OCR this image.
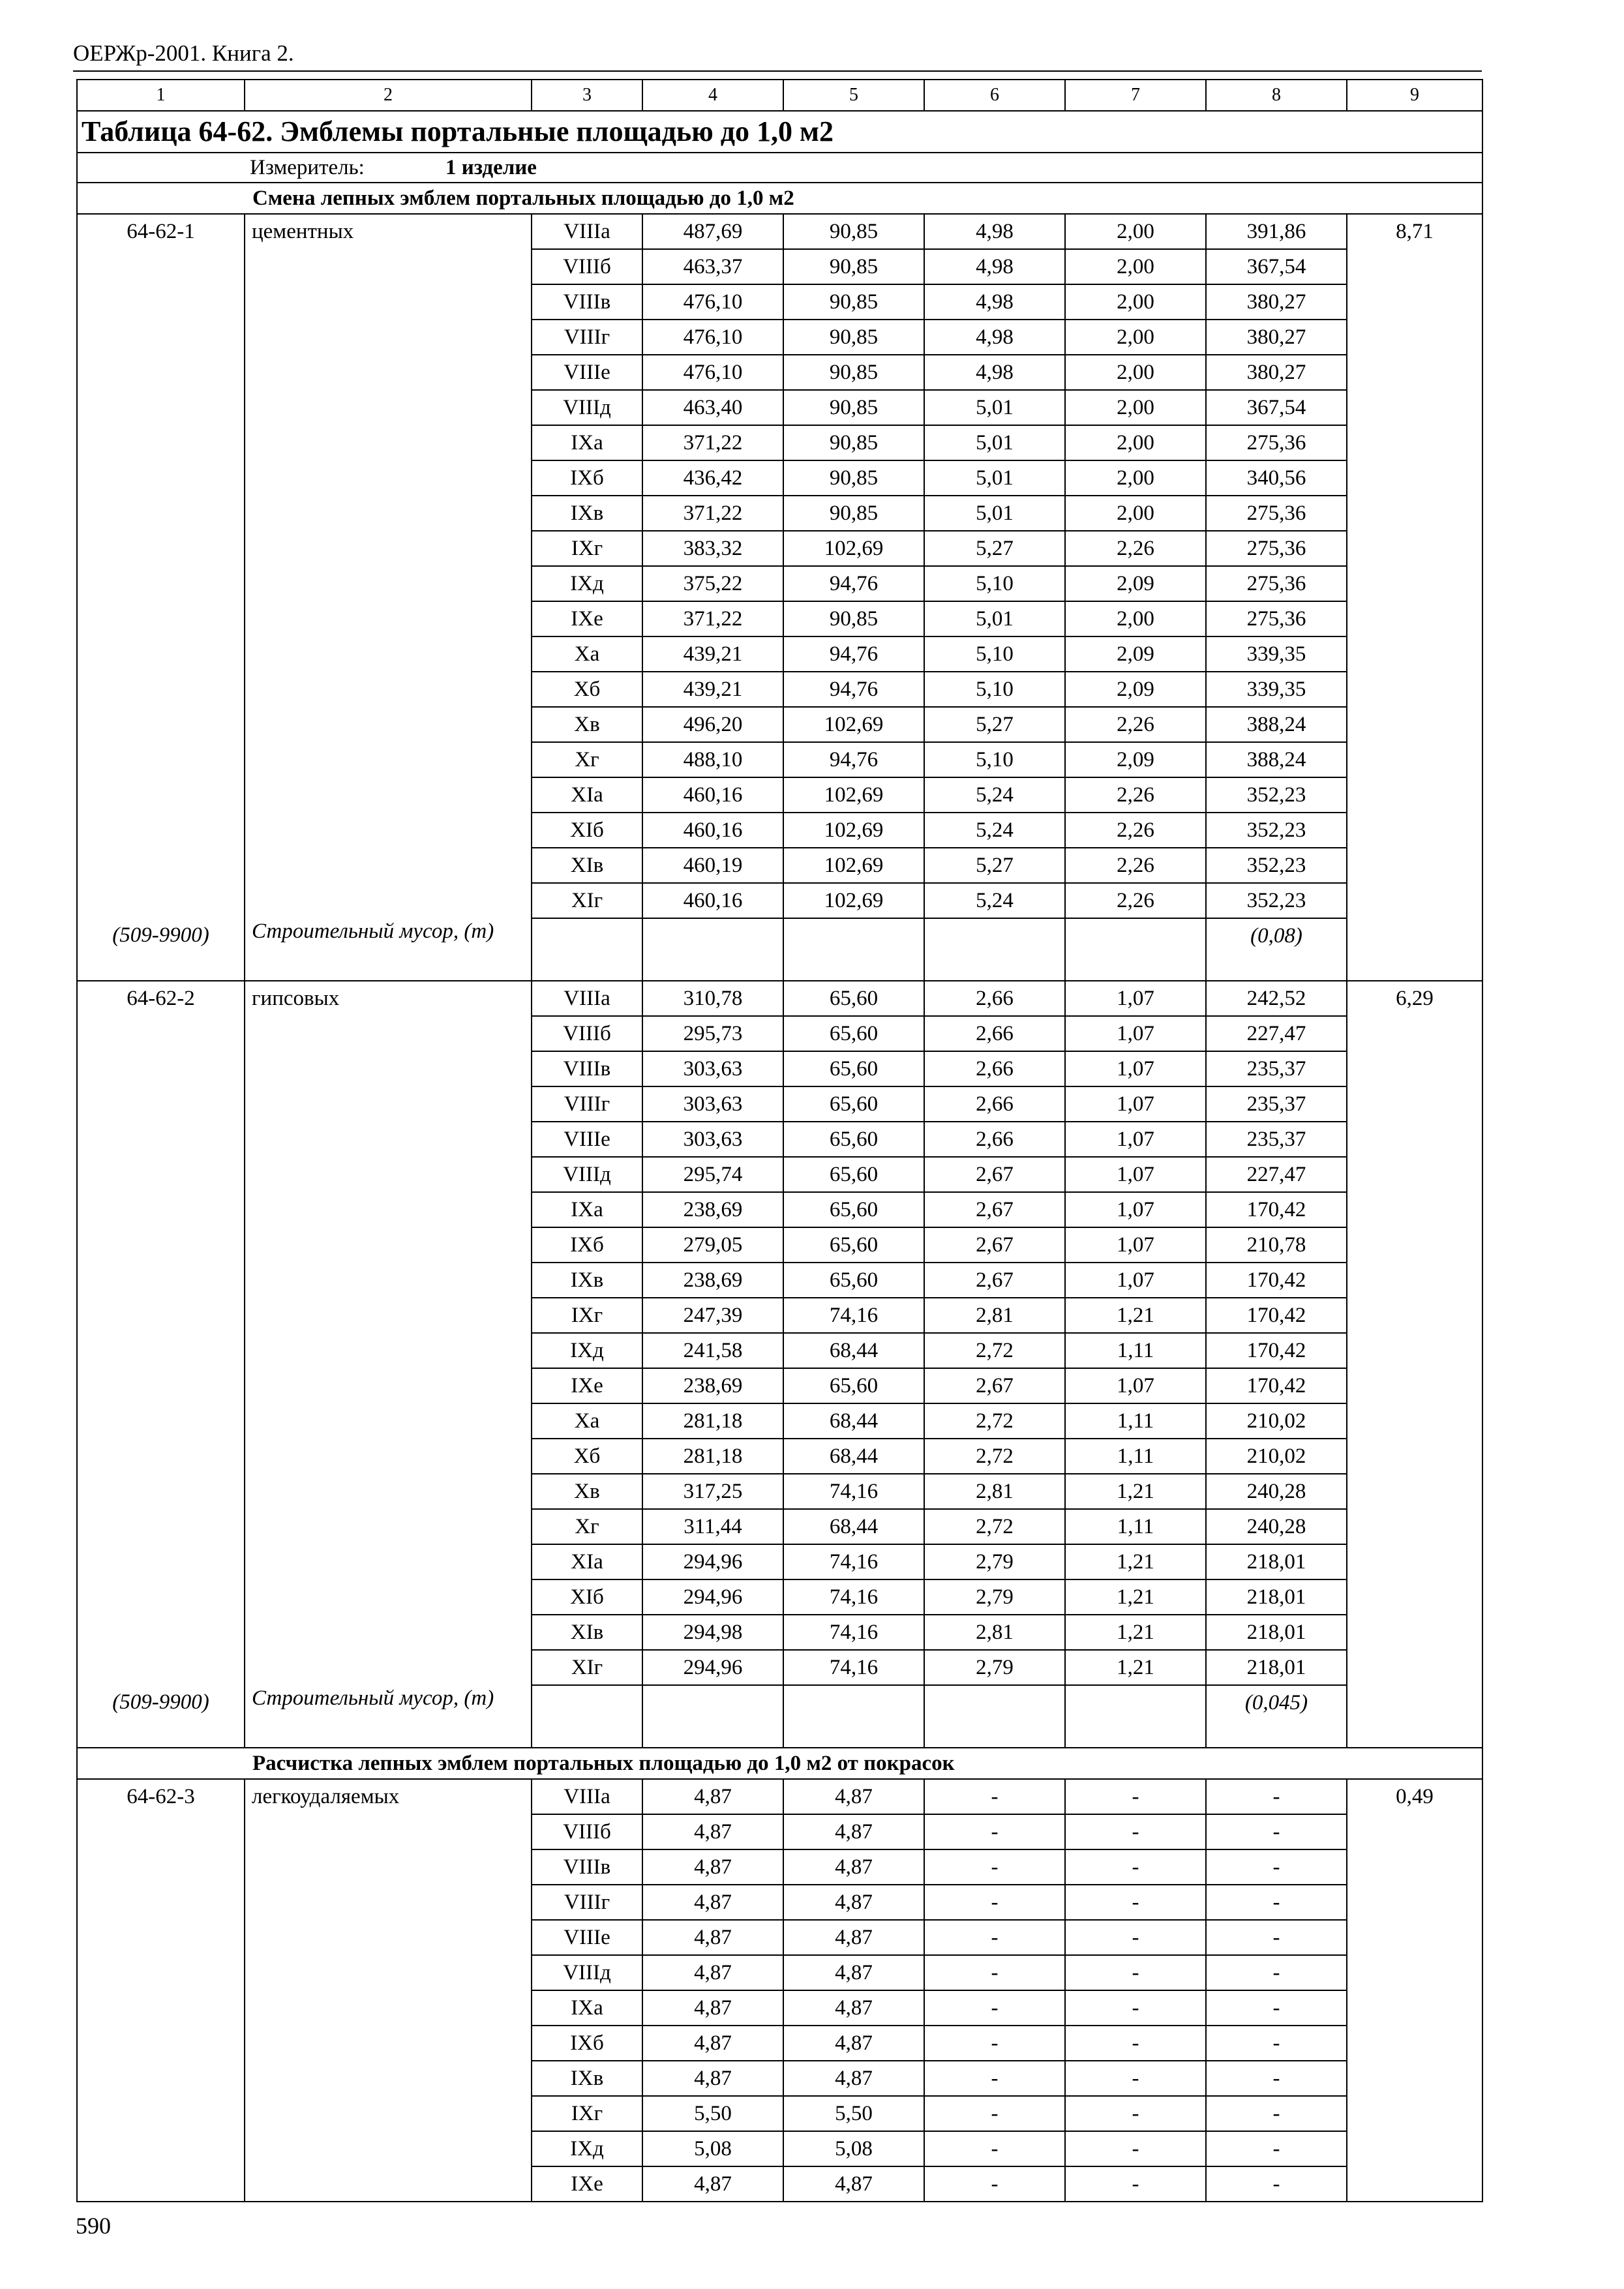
ОЕРЖр-2001. Книга 2.
1	2	3	4	5	6	7	8	9
Таблица 64-62. Эмблемы портальные площадью до 1,0 м2								
Измеритель: 1 изделие								
Смена лепных эмблем портальных площадью до 1,0 м2								
64-62-1	цементных	VIIIa	487,69	90,85	4,98	2,00	391,86	8,71
		VIIIб	463,37	90,85	4,98	2,00	367,54	
		VIIIв	476,10	90,85	4,98	2,00	380,27	
		VIIIг	476,10	90,85	4,98	2,00	380,27	
		VIIIе	476,10	90,85	4,98	2,00	380,27	
		VIIIд	463,40	90,85	5,01	2,00	367,54	
		IXa	371,22	90,85	5,01	2,00	275,36	
		IXб	436,42	90,85	5,01	2,00	340,56	
		IXв	371,22	90,85	5,01	2,00	275,36	
		IXг	383,32	102,69	5,27	2,26	275,36	
		IXд	375,22	94,76	5,10	2,09	275,36	
		IXе	371,22	90,85	5,01	2,00	275,36	
		Xa	439,21	94,76	5,10	2,09	339,35	
		Xб	439,21	94,76	5,10	2,09	339,35	
		Xв	496,20	102,69	5,27	2,26	388,24	
		Xг	488,10	94,76	5,10	2,09	388,24	
		XIa	460,16	102,69	5,24	2,26	352,23	
		XIб	460,16	102,69	5,24	2,26	352,23	
		XIв	460,19	102,69	5,27	2,26	352,23	
		XIг	460,16	102,69	5,24	2,26	352,23	
(509-9900)	Строительный мусор, (т)						(0,08)	
64-62-2	гипсовых	VIIIa	310,78	65,60	2,66	1,07	242,52	6,29
		VIIIб	295,73	65,60	2,66	1,07	227,47	
		VIIIв	303,63	65,60	2,66	1,07	235,37	
		VIIIг	303,63	65,60	2,66	1,07	235,37	
		VIIIе	303,63	65,60	2,66	1,07	235,37	
		VIIIд	295,74	65,60	2,67	1,07	227,47	
		IXa	238,69	65,60	2,67	1,07	170,42	
		IXб	279,05	65,60	2,67	1,07	210,78	
		IXв	238,69	65,60	2,67	1,07	170,42	
		IXг	247,39	74,16	2,81	1,21	170,42	
		IXд	241,58	68,44	2,72	1,11	170,42	
		IXе	238,69	65,60	2,67	1,07	170,42	
		Xa	281,18	68,44	2,72	1,11	210,02	
		Xб	281,18	68,44	2,72	1,11	210,02	
		Xв	317,25	74,16	2,81	1,21	240,28	
		Xг	311,44	68,44	2,72	1,11	240,28	
		XIa	294,96	74,16	2,79	1,21	218,01	
		XIб	294,96	74,16	2,79	1,21	218,01	
		XIв	294,98	74,16	2,81	1,21	218,01	
		XIг	294,96	74,16	2,79	1,21	218,01	
(509-9900)	Строительный мусор, (т)						(0,045)	
Расчистка лепных эмблем портальных площадью до 1,0 м2 от покрасок								
64-62-3	легкоудаляемых	VIIIa	4,87	4,87	-	-	-	0,49
		VIIIб	4,87	4,87	-	-	-	
		VIIIв	4,87	4,87	-	-	-	
		VIIIг	4,87	4,87	-	-	-	
		VIIIе	4,87	4,87	-	-	-	
		VIIIд	4,87	4,87	-	-	-	
		IXa	4,87	4,87	-	-	-	
		IXб	4,87	4,87	-	-	-	
		IXв	4,87	4,87	-	-	-	
		IXг	5,50	5,50	-	-	-	
		IXд	5,08	5,08	-	-	-	
		IXе	4,87	4,87	-	-	-	
590
